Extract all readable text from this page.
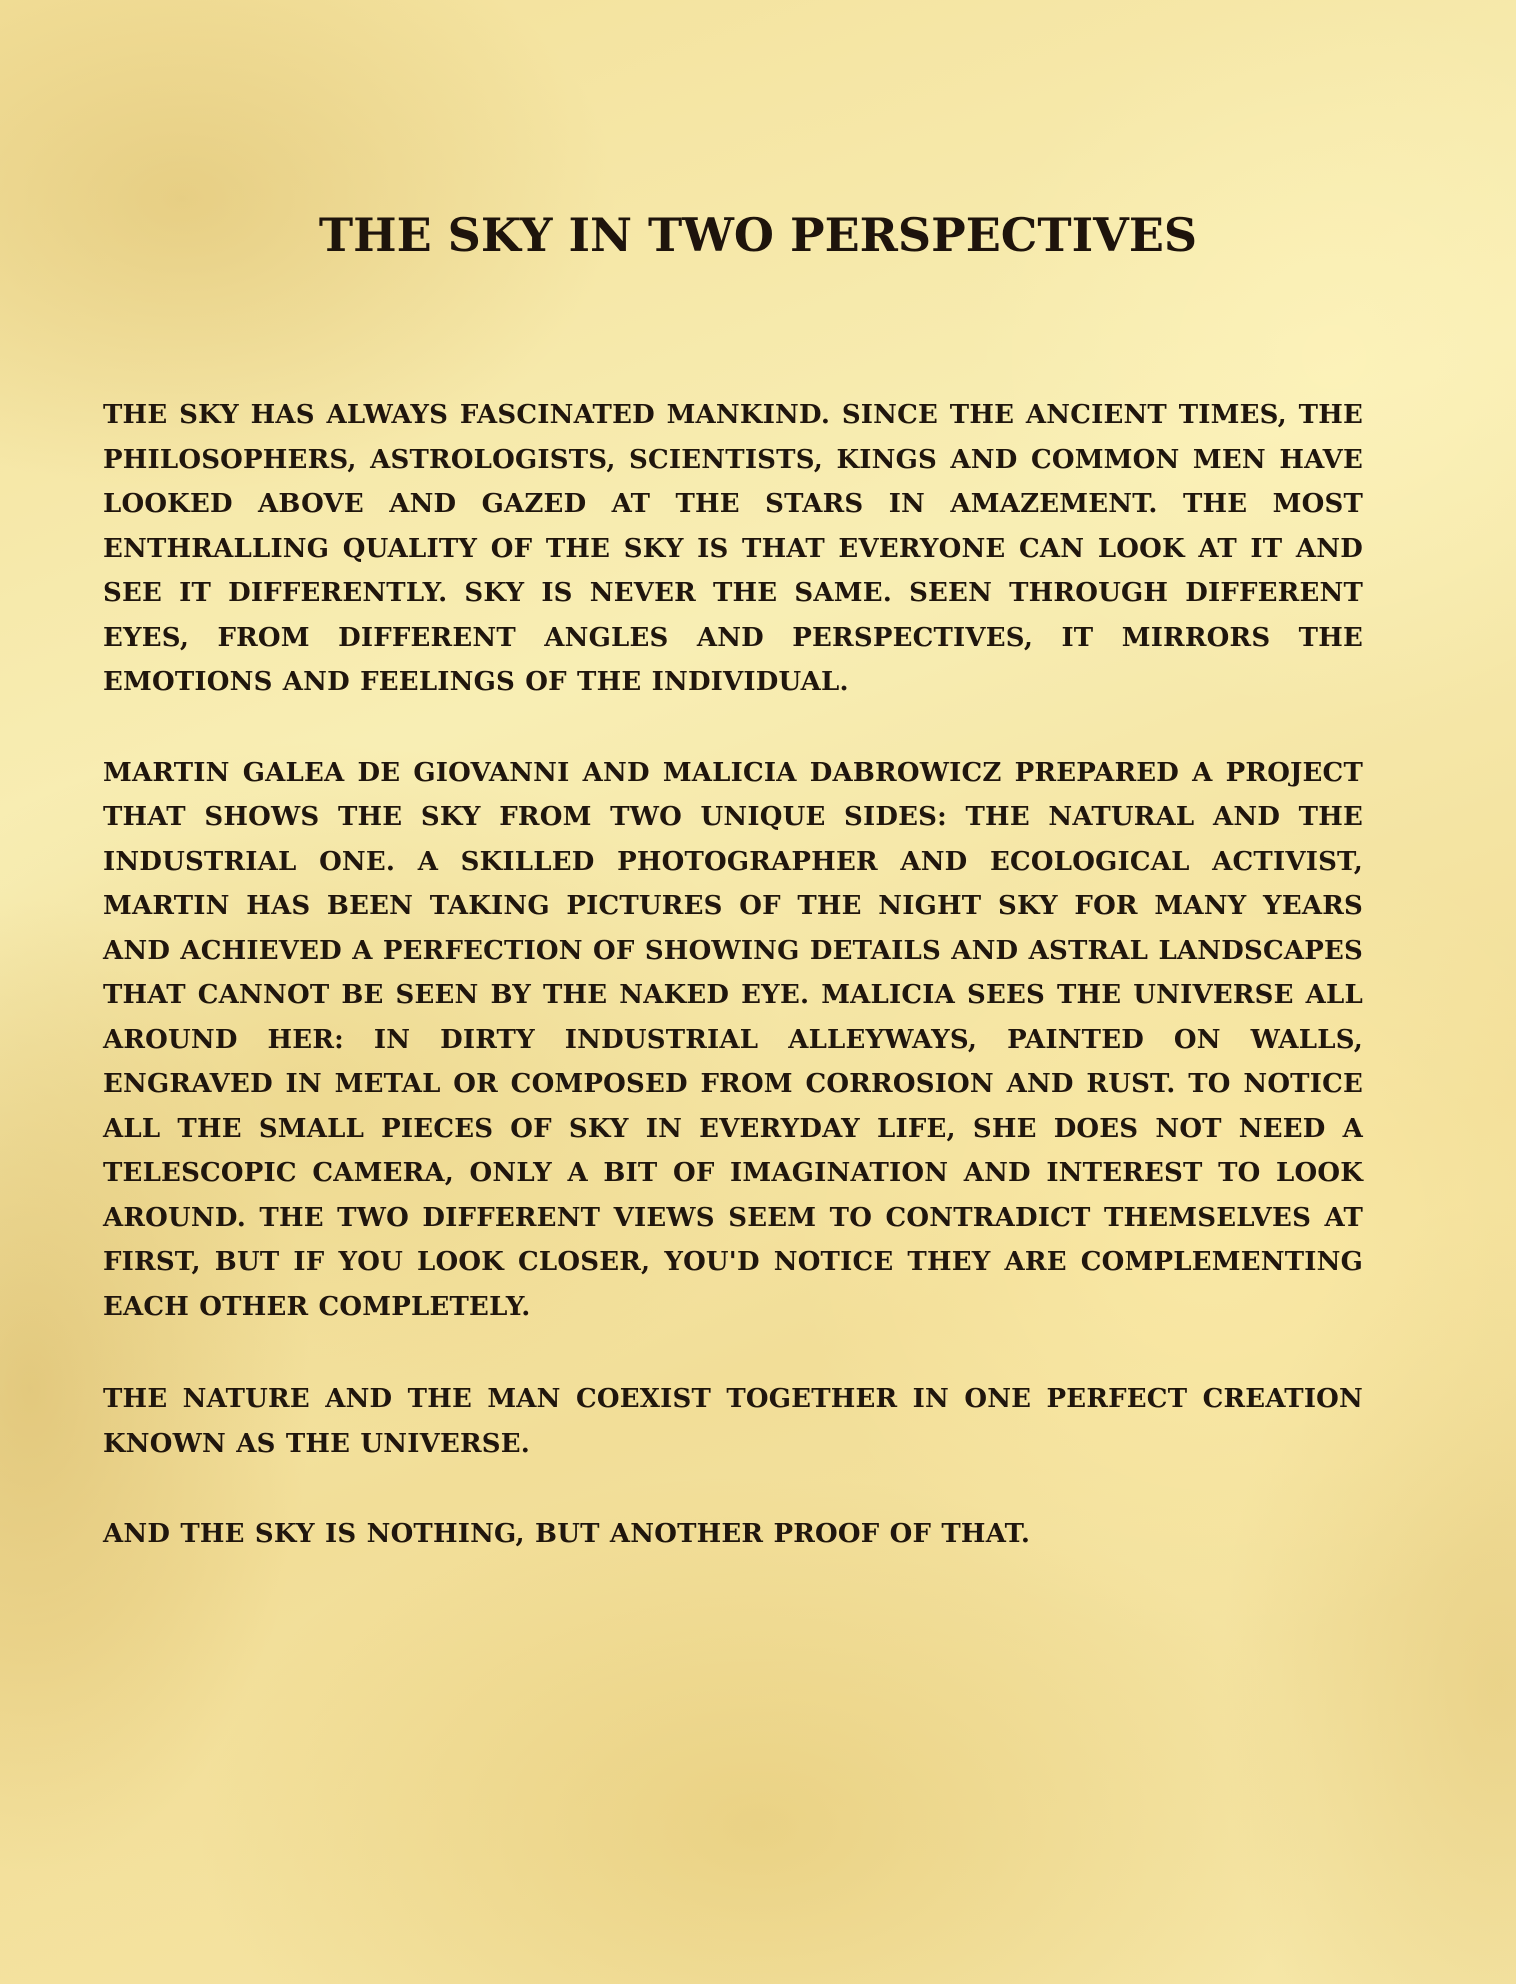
THE SKY IN TWO PERSPECTIVES

THE SKY HAS ALWAYS FASCINATED MANKIND. SINCE THE ANCIENT TIMES, THE PHILOSOPHERS, ASTROLOGISTS, SCIENTISTS, KINGS AND COMMON MEN HAVE LOOKED ABOVE AND GAZED AT THE STARS IN AMAZEMENT. THE MOST ENTHRALLING QUALITY OF THE SKY IS THAT EVERYONE CAN LOOK AT IT AND SEE IT DIFFERENTLY. SKY IS NEVER THE SAME. SEEN THROUGH DIFFERENT EYES, FROM DIFFERENT ANGLES AND PERSPECTIVES, IT MIRRORS THE EMOTIONS AND FEELINGS OF THE INDIVIDUAL.

MARTIN GALEA DE GIOVANNI AND MALICIA DABROWICZ PREPARED A PROJECT THAT SHOWS THE SKY FROM TWO UNIQUE SIDES: THE NATURAL AND THE INDUSTRIAL ONE. A SKILLED PHOTOGRAPHER AND ECOLOGICAL ACTIVIST, MARTIN HAS BEEN TAKING PICTURES OF THE NIGHT SKY FOR MANY YEARS AND ACHIEVED A PERFECTION OF SHOWING DETAILS AND ASTRAL LANDSCAPES THAT CANNOT BE SEEN BY THE NAKED EYE. MALICIA SEES THE UNIVERSE ALL AROUND HER: IN DIRTY INDUSTRIAL ALLEYWAYS, PAINTED ON WALLS, ENGRAVED IN METAL OR COMPOSED FROM CORROSION AND RUST. TO NOTICE ALL THE SMALL PIECES OF SKY IN EVERYDAY LIFE, SHE DOES NOT NEED A TELESCOPIC CAMERA, ONLY A BIT OF IMAGINATION AND INTEREST TO LOOK AROUND. THE TWO DIFFERENT VIEWS SEEM TO CONTRADICT THEMSELVES AT FIRST, BUT IF YOU LOOK CLOSER, YOU'D NOTICE THEY ARE COMPLEMENTING EACH OTHER COMPLETELY.

THE NATURE AND THE MAN COEXIST TOGETHER IN ONE PERFECT CREATION KNOWN AS THE UNIVERSE.

AND THE SKY IS NOTHING, BUT ANOTHER PROOF OF THAT.
